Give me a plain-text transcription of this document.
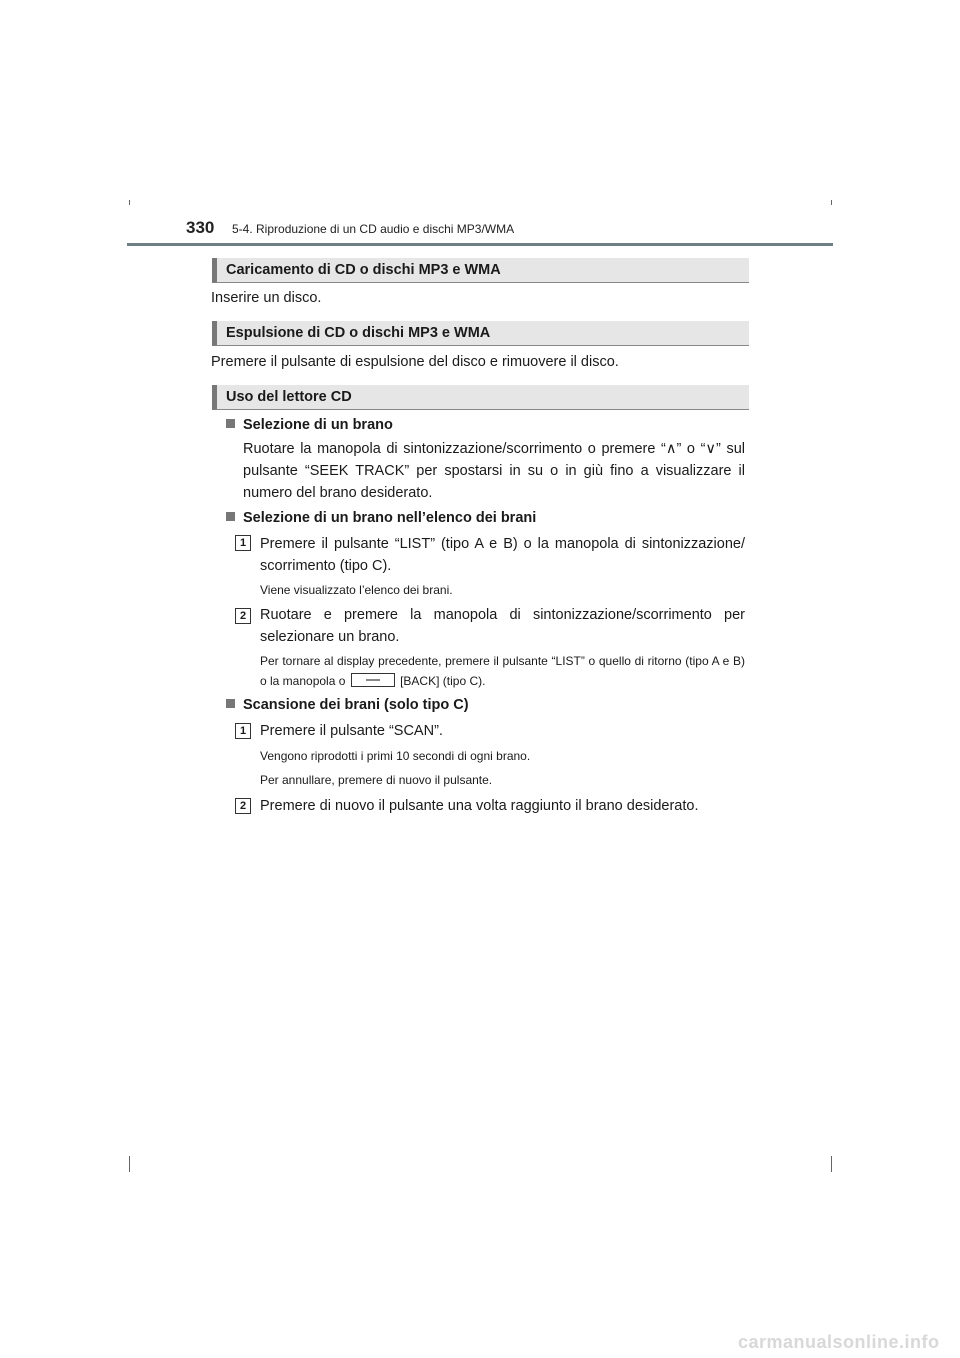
330 5-4. Riproduzione di un CD audio e dischi MP3/WMA
Caricamento di CD o dischi MP3 e WMA
Inserire un disco.
Espulsione di CD o dischi MP3 e WMA
Premere il pulsante di espulsione del disco e rimuovere il disco.
Uso del lettore CD
Selezione di un brano
Ruotare la manopola di sintonizzazione/scorrimento o premere “∧” o “∨” sul pulsante “SEEK TRACK” per spostarsi in su o in giù fino a visualizzare il numero del brano desiderato.
Selezione di un brano nell’elenco dei brani
1 Premere il pulsante “LIST” (tipo A e B) o la manopola di sintonizzazione/ scorrimento (tipo C).
Viene visualizzato l’elenco dei brani.
2 Ruotare e premere la manopola di sintonizzazione/scorrimento per selezionare un brano.
Per tornare al display precedente, premere il pulsante “LIST” o quello di ritorno (tipo A e B) o la manopola o	[BACK] (tipo C).
Scansione dei brani (solo tipo C)
1 Premere il pulsante “SCAN”.
Vengono riprodotti i primi 10 secondi di ogni brano.
Per annullare, premere di nuovo il pulsante.
2 Premere di nuovo il pulsante una volta raggiunto il brano desiderato.
carmanualsonline.info
